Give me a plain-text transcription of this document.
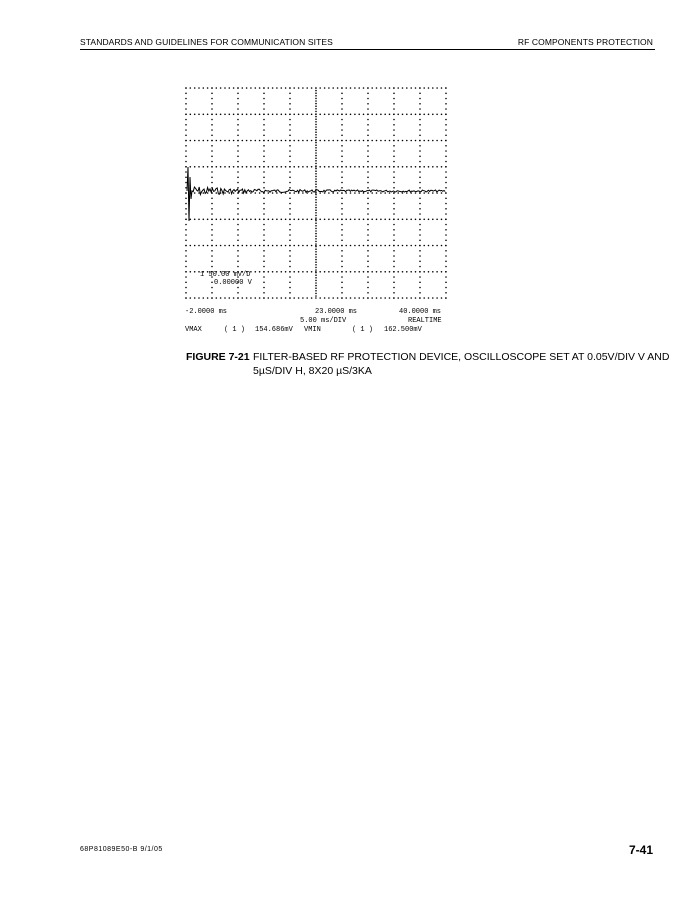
STANDARDS AND GUIDELINES FOR COMMUNICATION SITES	RF COMPONENTS PROTECTION
1 50.00 mV/D
0.00000 V
-2.0000 ms	23.0000 ms	40.0000 ms
5.00 ms/DIV	REALTIME
VMAX	( 1 ) 154.686mV VMIN	( 1 ) 162.500mV
FIGURE 7-21 FILTER-BASED RF PROTECTION DEVICE, OSCILLOSCOPE SET AT 0.05V/DIV V AND
5µS/DIV H, 8X20 µS/3KA
68P81089E50-B 9/1/05	7-41
